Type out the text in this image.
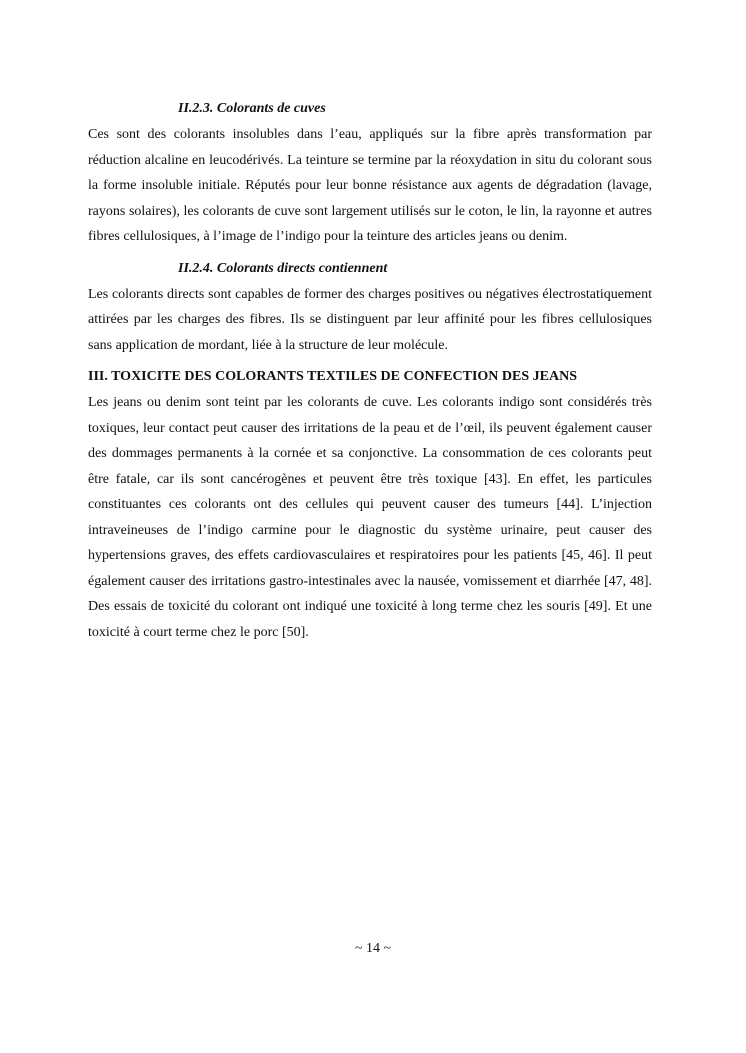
II.2.3. Colorants de cuves

Ces sont des colorants insolubles dans l’eau, appliqués sur la fibre après transformation par réduction alcaline en leucodérivés. La teinture se termine par la réoxydation in situ du colorant sous la forme insoluble initiale. Réputés pour leur bonne résistance aux agents de dégradation (lavage, rayons solaires), les colorants de cuve sont largement utilisés sur le coton, le lin, la rayonne et autres fibres cellulosiques, à l’image de l’indigo pour la teinture des articles jeans ou denim.

II.2.4. Colorants directs contiennent

Les colorants directs sont capables de former des charges positives ou négatives électrostatiquement attirées par les charges des fibres. Ils se distinguent par leur affinité pour les fibres cellulosiques sans application de mordant, liée à la structure de leur molécule.

III. TOXICITE DES COLORANTS TEXTILES DE CONFECTION DES JEANS

Les jeans ou denim sont teint par les colorants de cuve. Les colorants indigo sont considérés très toxiques, leur contact peut causer des irritations de la peau et de l’œil, ils peuvent également causer des dommages permanents à la cornée et sa conjonctive. La consommation de ces colorants peut être fatale, car ils sont cancérogènes et peuvent être très toxique [43]. En effet, les particules constituantes ces colorants ont des cellules qui peuvent causer des tumeurs [44]. L’injection intraveineuses de l’indigo carmine pour le diagnostic du système urinaire, peut causer des hypertensions graves, des effets cardiovasculaires et respiratoires pour les patients [45, 46]. Il peut également causer des irritations gastro-intestinales avec la nausée, vomissement et diarrhée [47, 48]. Des essais de toxicité du colorant ont indiqué une toxicité à long terme chez les souris [49]. Et une toxicité à court terme chez le porc [50].

~ 14 ~
